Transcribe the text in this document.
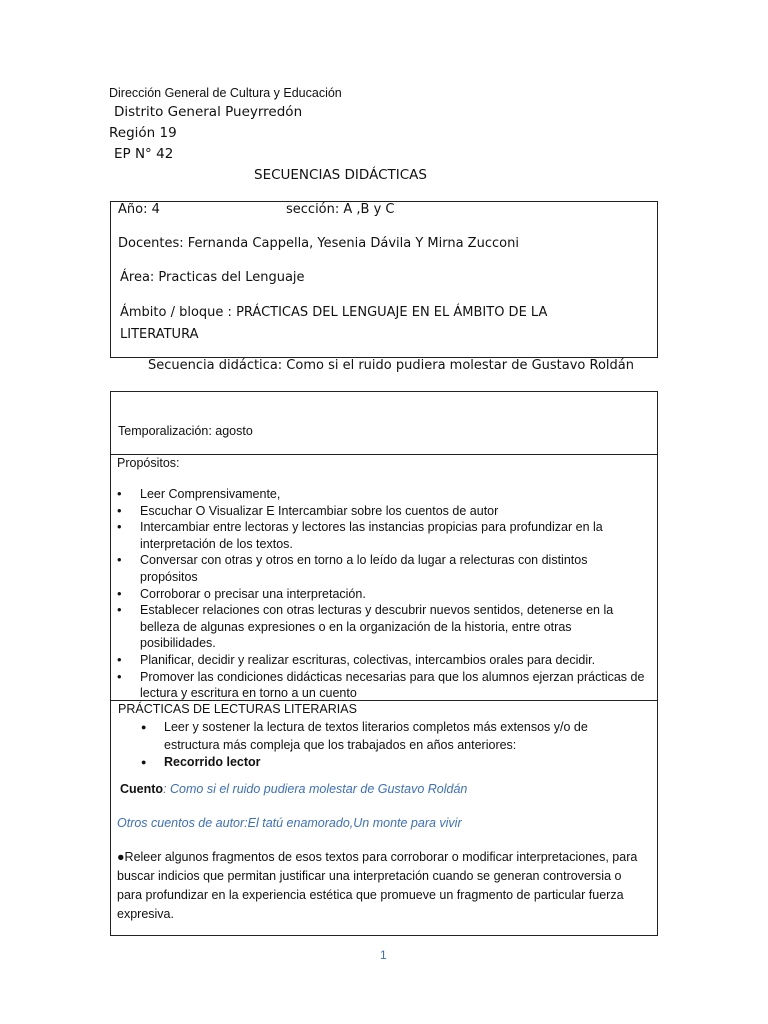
Dirección General de Cultura y Educación
Distrito General Pueyrredón
Región 19
EP N° 42
SECUENCIAS DIDÁCTICAS
Año: 4	sección: A ,B y C
Docentes: Fernanda Cappella, Yesenia Dávila Y Mirna Zucconi
Área: Practicas del Lenguaje
Ámbito / bloque : PRÁCTICAS DEL LENGUAJE EN EL ÁMBITO DE LA LITERATURA
Secuencia didáctica: Como si el ruido pudiera molestar de Gustavo Roldán
Temporalización: agosto
Propósitos:
• Leer Comprensivamente,
• Escuchar O Visualizar E Intercambiar sobre los cuentos de autor
• Intercambiar entre lectoras y lectores las instancias propicias para profundizar en la interpretación de los textos.
• Conversar con otras y otros en torno a lo leído da lugar a relecturas con distintos propósitos
• Corroborar o precisar una interpretación.
• Establecer relaciones con otras lecturas y descubrir nuevos sentidos, detenerse en la belleza de algunas expresiones o en la organización de la historia, entre otras posibilidades.
• Planificar, decidir y realizar escrituras, colectivas, intercambios orales para decidir.
• Promover las condiciones didácticas necesarias para que los alumnos ejerzan prácticas de lectura y escritura en torno a un cuento
PRÁCTICAS DE LECTURAS LITERARIAS
● Leer y sostener la lectura de textos literarios completos más extensos y/o de estructura más compleja que los trabajados en años anteriores:
● Recorrido lector
Cuento: Como si el ruido pudiera molestar de Gustavo Roldán
Otros cuentos de autor:El tatú enamorado,Un monte para vivir
●Releer algunos fragmentos de esos textos para corroborar o modificar interpretaciones, para buscar indicios que permitan justificar una interpretación cuando se generan controversia o para profundizar en la experiencia estética que promueve un fragmento de particular fuerza expresiva.
1
